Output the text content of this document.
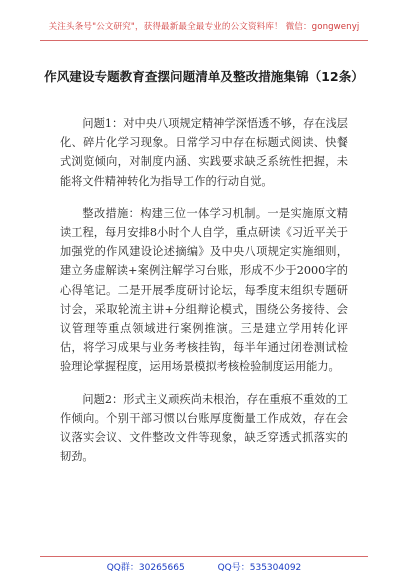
关注头条号"公文研究"，获得最新最全最专业的公文资料库！ 微信：gongwenyj
作风建设专题教育查摆问题清单及整改措施集锦（12条）

问题1：对中央八项规定精神学深悟透不够，存在浅层化、碎片化学习现象。日常学习中存在标题式阅读、快餐式浏览倾向，对制度内涵、实践要求缺乏系统性把握，未能将文件精神转化为指导工作的行动自觉。

整改措施：构建三位一体学习机制。一是实施原文精读工程，每月安排8小时个人自学，重点研读《习近平关于加强党的作风建设论述摘编》及中央八项规定实施细则，建立务虚解读+案例注解学习台账，形成不少于2000字的心得笔记。二是开展季度研讨论坛，每季度末组织专题研讨会，采取轮流主讲+分组辩论模式，围绕公务接待、会议管理等重点领域进行案例推演。三是建立学用转化评估，将学习成果与业务考核挂钩，每半年通过闭卷测试检验理论掌握程度，运用场景模拟考核检验制度运用能力。

问题2：形式主义顽疾尚未根治，存在重痕不重效的工作倾向。个别干部习惯以台账厚度衡量工作成效，存在会议落实会议、文件整改文件等现象，缺乏穿透式抓落实的韧劲。

QQ群：30265665	QQ号：535304092
